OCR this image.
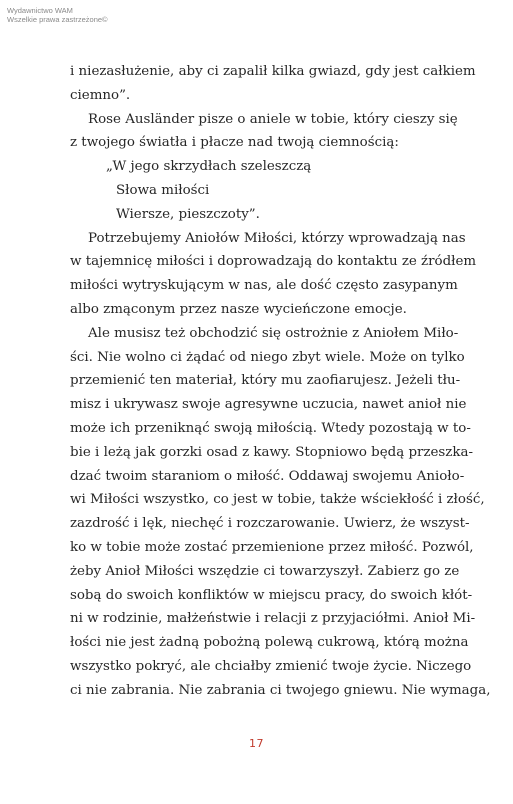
Wydawnictwo WAM
Wszelkie prawa zastrzeżone©
i niezasłużenie, aby ci zapalił kilka gwiazd, gdy jest całkiem
ciemno”.
Rose Ausländer pisze o aniele w tobie, który cieszy się
z twojego światła i płacze nad twoją ciemnością:
„W jego skrzydłach szeleszczą
Słowa miłości
Wiersze, pieszczoty”.
Potrzebujemy Aniołów Miłości, którzy wprowadzają nas
w tajemnicę miłości i doprowadzają do kontaktu ze źródłem
miłości wytryskującym w nas, ale dość często zasypanym
albo zmąconym przez nasze wycieńczone emocje.
Ale musisz też obchodzić się ostrożnie z Aniołem Miło-
ści. Nie wolno ci żądać od niego zbyt wiele. Może on tylko
przemienić ten materiał, który mu zaofiarujesz. Jeżeli tłu-
misz i ukrywasz swoje agresywne uczucia, nawet anioł nie
może ich przeniknąć swoją miłością. Wtedy pozostają w to-
bie i leżą jak gorzki osad z kawy. Stopniowo będą przeszka-
dzać twoim staraniom o miłość. Oddawaj swojemu Anioło-
wi Miłości wszystko, co jest w tobie, także wściekłość i złość,
zazdrość i lęk, niechęć i rozczarowanie. Uwierz, że wszyst-
ko w tobie może zostać przemienione przez miłość. Pozwól,
żeby Anioł Miłości wszędzie ci towarzyszył. Zabierz go ze
sobą do swoich konfliktów w miejscu pracy, do swoich kłót-
ni w rodzinie, małżeństwie i relacji z przyjaciółmi. Anioł Mi-
łości nie jest żadną pobożną polewą cukrową, którą można
wszystko pokryć, ale chciałby zmienić twoje życie. Niczego
ci nie zabrania. Nie zabrania ci twojego gniewu. Nie wymaga,
17
